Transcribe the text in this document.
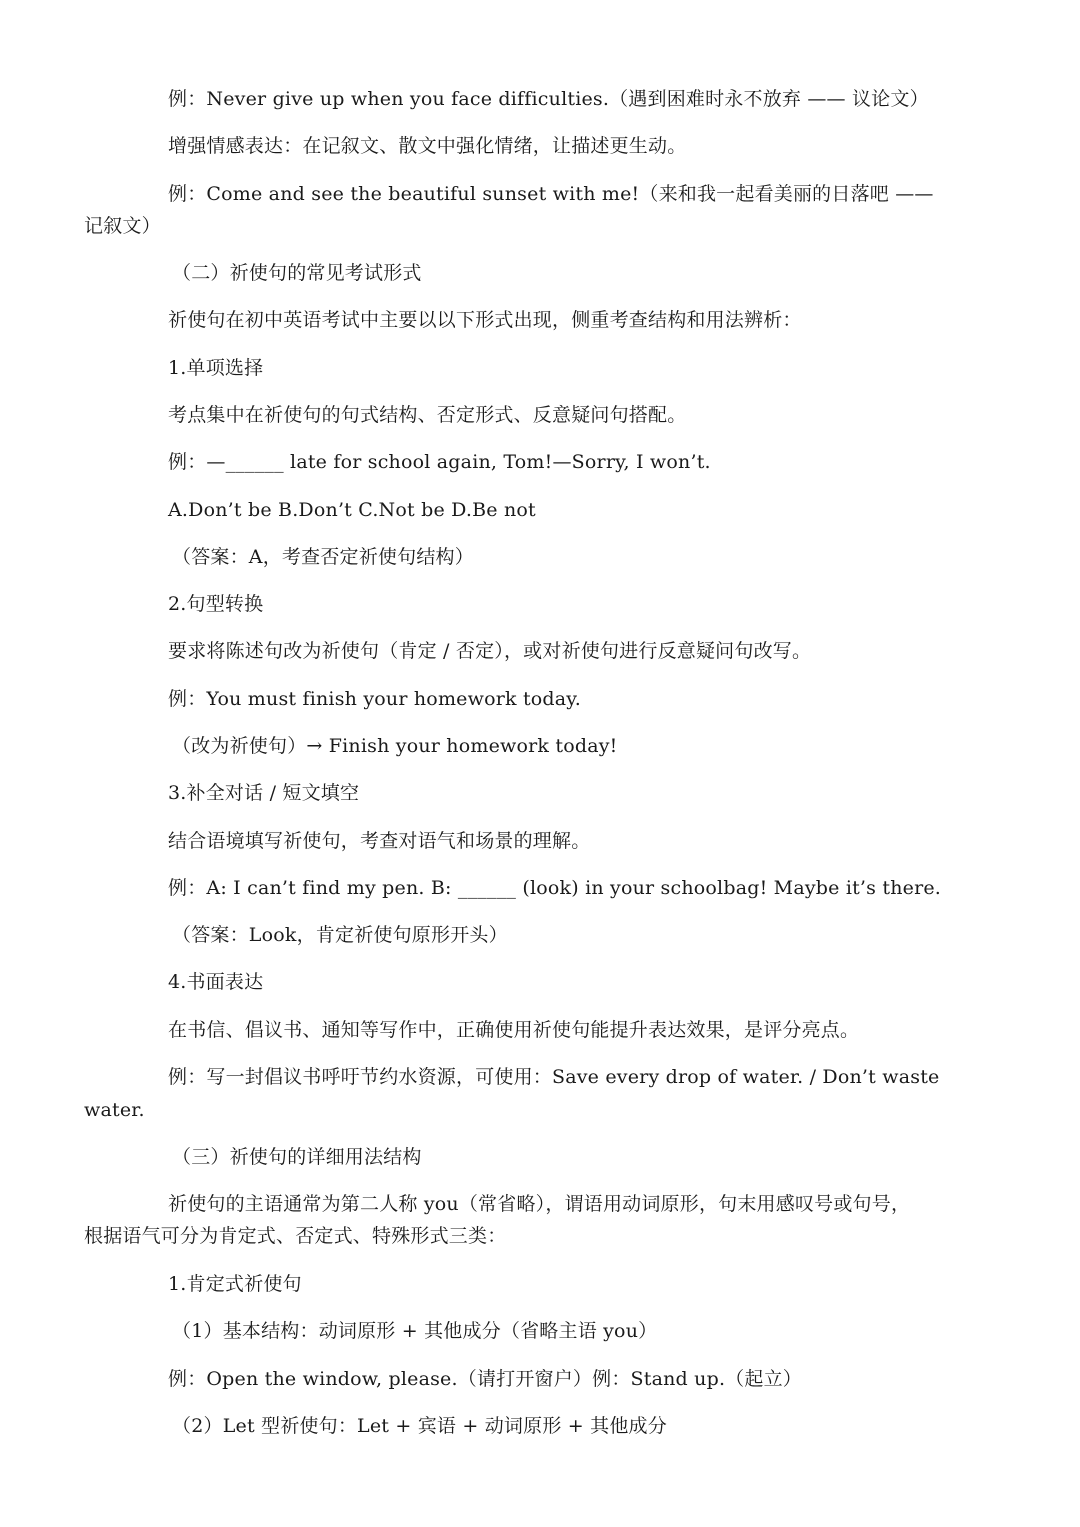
例：Never give up when you face difficulties.（遇到困难时永不放弃 —— 议论文）

增强情感表达：在记叙文、散文中强化情绪，让描述更生动。

例：Come and see the beautiful sunset with me!（来和我一起看美丽的日落吧 ——

记叙文）

（二）祈使句的常见考试形式

祈使句在初中英语考试中主要以以下形式出现，侧重考查结构和用法辨析：

1.单项选择

考点集中在祈使句的句式结构、否定形式、反意疑问句搭配。

例：—______ late for school again, Tom!—Sorry, I won’t.

A.Don’t be B.Don’t C.Not be D.Be not

（答案：A，考查否定祈使句结构）

2.句型转换

要求将陈述句改为祈使句（肯定 / 否定），或对祈使句进行反意疑问句改写。

例：You must finish your homework today.

（改为祈使句）→ Finish your homework today!

3.补全对话 / 短文填空

结合语境填写祈使句，考查对语气和场景的理解。

例：A: I can’t find my pen. B: ______ (look) in your schoolbag! Maybe it’s there.

（答案：Look，肯定祈使句原形开头）

4.书面表达

在书信、倡议书、通知等写作中，正确使用祈使句能提升表达效果，是评分亮点。

例：写一封倡议书呼吁节约水资源，可使用：Save every drop of water. / Don’t waste

water.

（三）祈使句的详细用法结构

祈使句的主语通常为第二人称 you（常省略），谓语用动词原形，句末用感叹号或句号，

根据语气可分为肯定式、否定式、特殊形式三类：

1.肯定式祈使句

（1）基本结构：动词原形 + 其他成分（省略主语 you）

例：Open the window, please.（请打开窗户）例：Stand up.（起立）

（2）Let 型祈使句：Let + 宾语 + 动词原形 + 其他成分
